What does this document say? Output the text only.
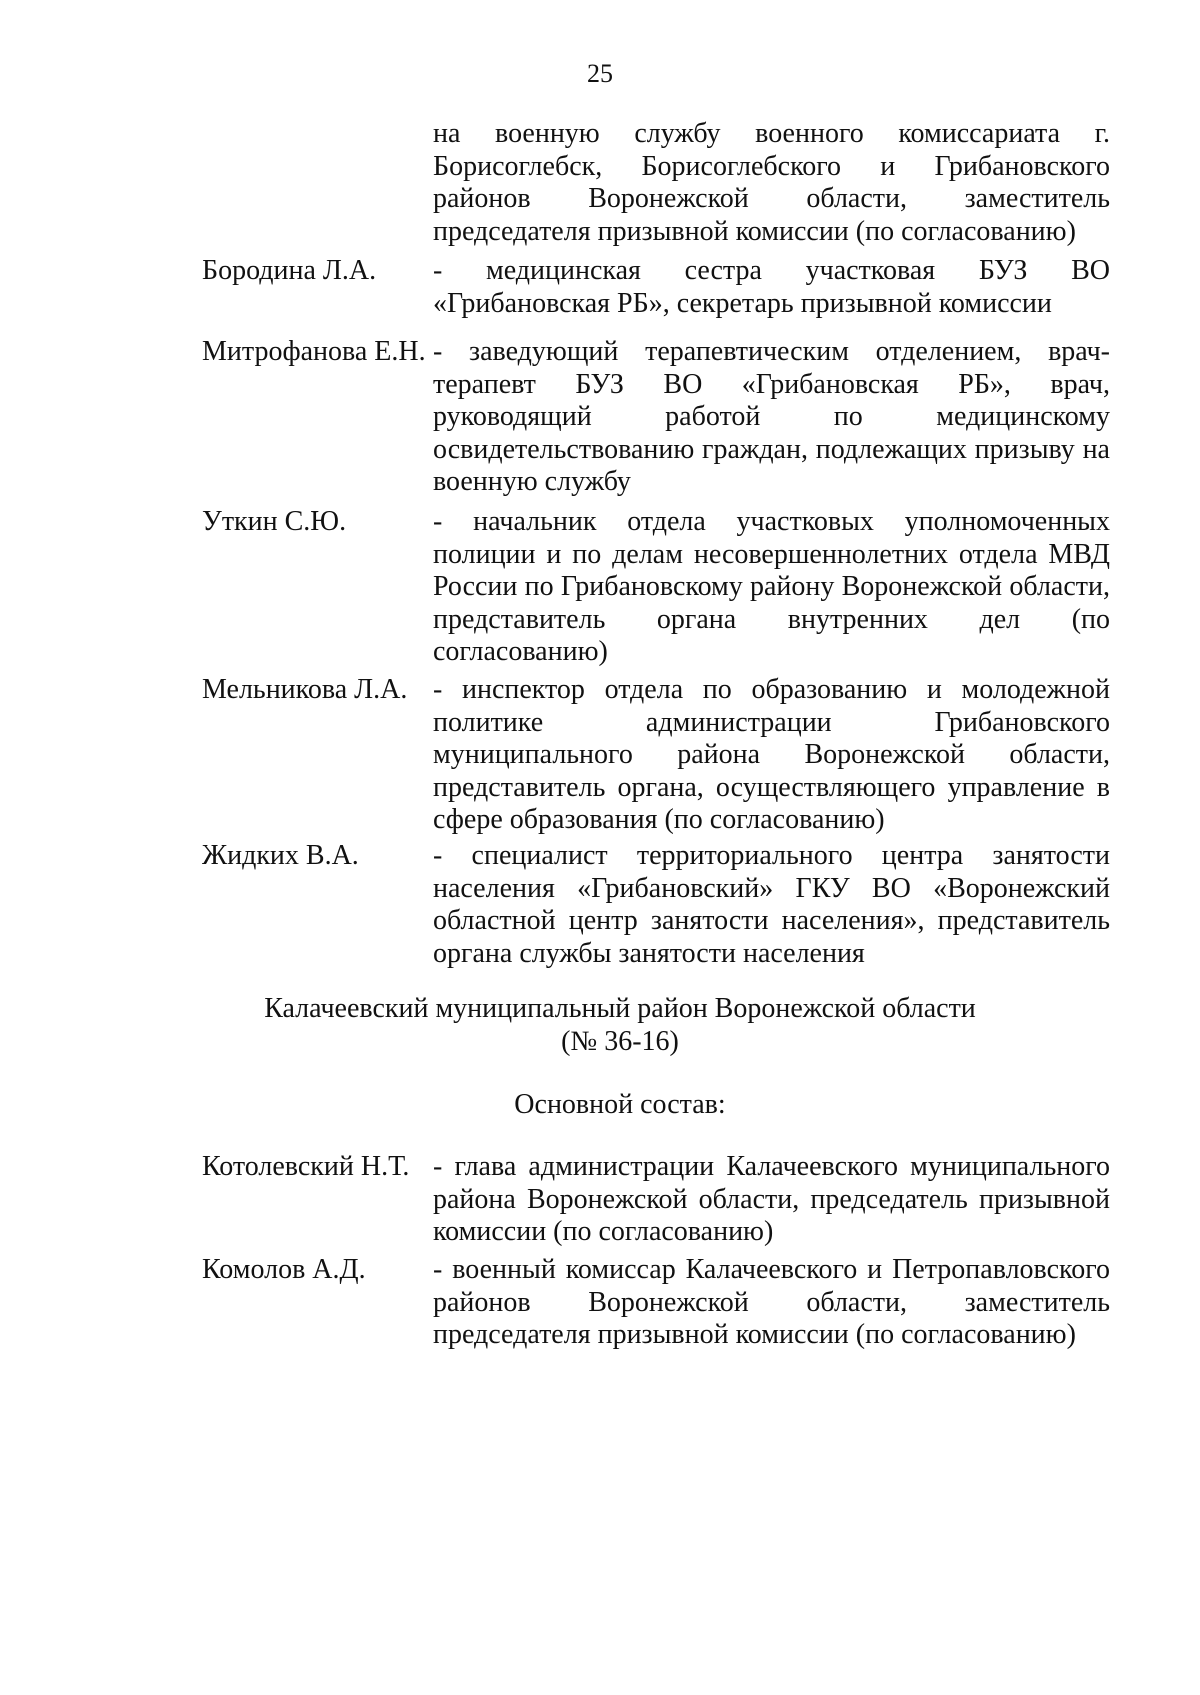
25
на военную службу военного комиссариата г. Борисоглебск, Борисоглебского и Грибановского районов Воронежской области, заместитель председателя призывной комиссии (по согласованию)
Бородина Л.А. - медицинская сестра участковая БУЗ ВО «Грибановская РБ», секретарь призывной комиссии
Митрофанова Е.Н. - заведующий терапевтическим отделением, врач-терапевт БУЗ ВО «Грибановская РБ», врач, руководящий работой по медицинскому освидетельствованию граждан, подлежащих призыву на военную службу
Уткин С.Ю.	- начальник отдела участковых уполномоченных полиции и по делам несовершеннолетних отдела МВД России по Грибановскому району Воронежской области, представитель органа внутренних дел (по согласованию)
Мельникова Л.А. - инспектор отдела по образованию и молодежной политике администрации Грибановского муниципального района Воронежской области, представитель органа, осуществляющего управление в сфере образования (по согласованию)
Жидких В.А.	- специалист территориального центра занятости населения «Грибановский» ГКУ ВО «Воронежский областной центр занятости населения», представитель органа службы занятости населения
Калачеевский муниципальный район Воронежской области
(№ 36-16)
Основной состав:
Котолевский Н.Т. - глава администрации Калачеевского муниципального района Воронежской области, председатель призывной комиссии (по согласованию)
Комолов А.Д. - военный комиссар Калачеевского и Петропавловского районов Воронежской области, заместитель председателя призывной комиссии (по согласованию)
